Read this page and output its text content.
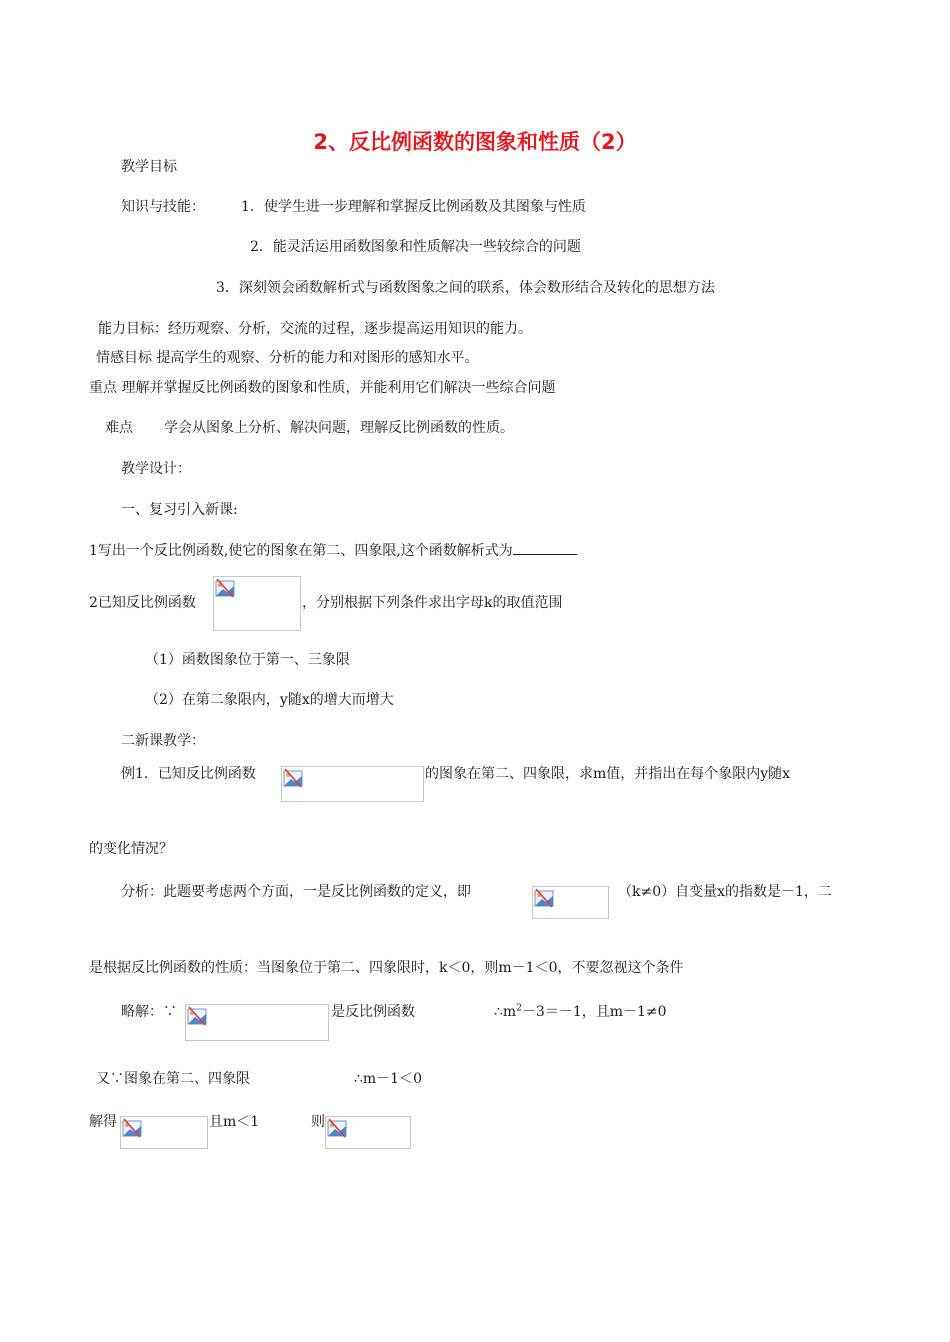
2、反比例函数的图象和性质（2）
教学目标
知识与技能：	1．使学生进一步理解和掌握反比例函数及其图象与性质
2．能灵活运用函数图象和性质解决一些较综合的问题
3．深刻领会函数解析式与函数图象之间的联系，体会数形结合及转化的思想方法
能力目标：经历观察、分析，交流的过程，逐步提高运用知识的能力。
情感目标 提高学生的观察、分析的能力和对图形的感知水平。
重点 理解并掌握反比例函数的图象和性质，并能利用它们解决一些综合问题
难点 学会从图象上分析、解决问题，理解反比例函数的性质。
教学设计：
一、复习引入新课:
1写出一个反比例函数,使它的图象在第二、四象限,这个函数解析式为
2已知反比例函数	，分别根据下列条件求出字母k的取值范围
（1）函数图象位于第一、三象限
（2）在第二象限内，y随x的增大而增大
二新课教学：
例1．已知反比例函数	的图象在第二、四象限，求m值，并指出在每个象限内y随x
的变化情况？
分析：此题要考虑两个方面，一是反比例函数的定义，即	（k≠0）自变量x的指数是－1，二
是根据反比例函数的性质：当图象位于第二、四象限时，k＜0，则m－1＜0，不要忽视这个条件
略解：∵	是反比例函数	$\therefore m^2-3=-1$，且m－1≠0
又∵图象在第二、四象限	∴m－1＜0
解得	且m＜1	则
